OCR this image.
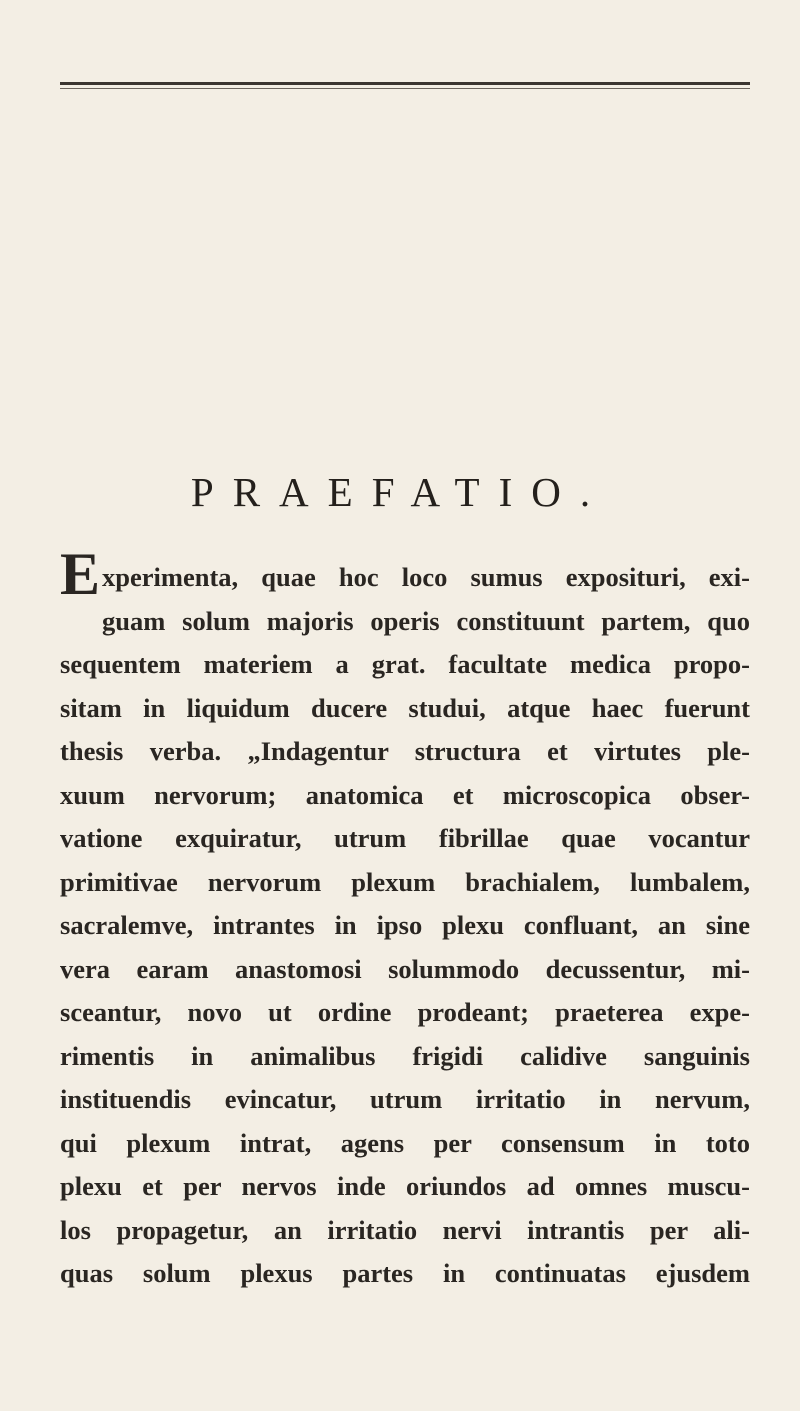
PRAEFATIO.
E xperimenta, quae hoc loco sumus exposituri, exi-
guam solum majoris operis constituunt partem, quo
sequentem materiem a grat. facultate medica propo-
sitam in liquidum ducere studui, atque haec fuerunt
thesis verba. „Indagentur structura et virtutes ple-
xuum nervorum; anatomica et microscopica obser-
vatione exquiratur, utrum fibrillae quae vocantur
primitivae nervorum plexum brachialem, lumbalem,
sacralemve, intrantes in ipso plexu confluant, an sine
vera earam anastomosi solummodo decussentur, mi-
sceantur, novo ut ordine prodeant; praeterea expe-
rimentis in animalibus frigidi calidive sanguinis
instituendis evincatur, utrum irritatio in nervum,
qui plexum intrat, agens per consensum in toto
plexu et per nervos inde oriundos ad omnes muscu-
los propagetur, an irritatio nervi intrantis per ali-
quas solum plexus partes in continuatas ejusdem
